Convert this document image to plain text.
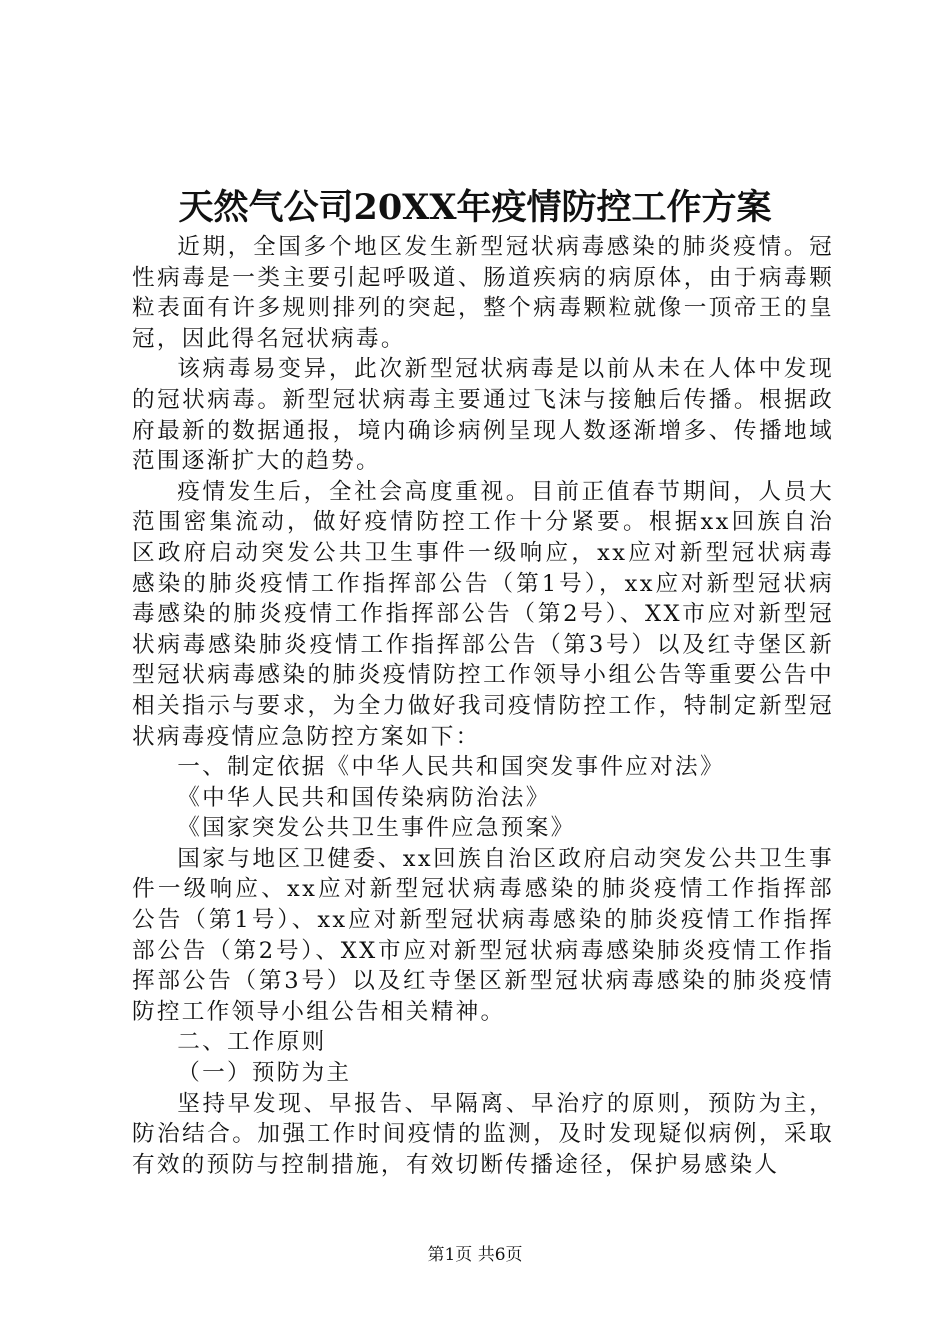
天然气公司20XX年疫情防控工作方案

近期，全国多个地区发生新型冠状病毒感染的肺炎疫情。冠性病毒是一类主要引起呼吸道、肠道疾病的病原体，由于病毒颗粒表面有许多规则排列的突起，整个病毒颗粒就像一顶帝王的皇冠，因此得名冠状病毒。

该病毒易变异，此次新型冠状病毒是以前从未在人体中发现的冠状病毒。新型冠状病毒主要通过飞沫与接触后传播。根据政府最新的数据通报，境内确诊病例呈现人数逐渐增多、传播地域范围逐渐扩大的趋势。

疫情发生后，全社会高度重视。目前正值春节期间，人员大范围密集流动，做好疫情防控工作十分紧要。根据xx回族自治区政府启动突发公共卫生事件一级响应，xx应对新型冠状病毒感染的肺炎疫情工作指挥部公告（第1号），xx应对新型冠状病毒感染的肺炎疫情工作指挥部公告（第2号）、XX市应对新型冠状病毒感染肺炎疫情工作指挥部公告（第3号）以及红寺堡区新型冠状病毒感染的肺炎疫情防控工作领导小组公告等重要公告中相关指示与要求，为全力做好我司疫情防控工作，特制定新型冠状病毒疫情应急防控方案如下：

一、制定依据《中华人民共和国突发事件应对法》

《中华人民共和国传染病防治法》

《国家突发公共卫生事件应急预案》

国家与地区卫健委、xx回族自治区政府启动突发公共卫生事件一级响应、xx应对新型冠状病毒感染的肺炎疫情工作指挥部公告（第1号）、xx应对新型冠状病毒感染的肺炎疫情工作指挥部公告（第2号）、XX市应对新型冠状病毒感染肺炎疫情工作指挥部公告（第3号）以及红寺堡区新型冠状病毒感染的肺炎疫情防控工作领导小组公告相关精神。

二、工作原则

（一）预防为主

坚持早发现、早报告、早隔离、早治疗的原则，预防为主，防治结合。加强工作时间疫情的监测，及时发现疑似病例，采取有效的预防与控制措施，有效切断传播途径，保护易感染人

第1页 共6页
